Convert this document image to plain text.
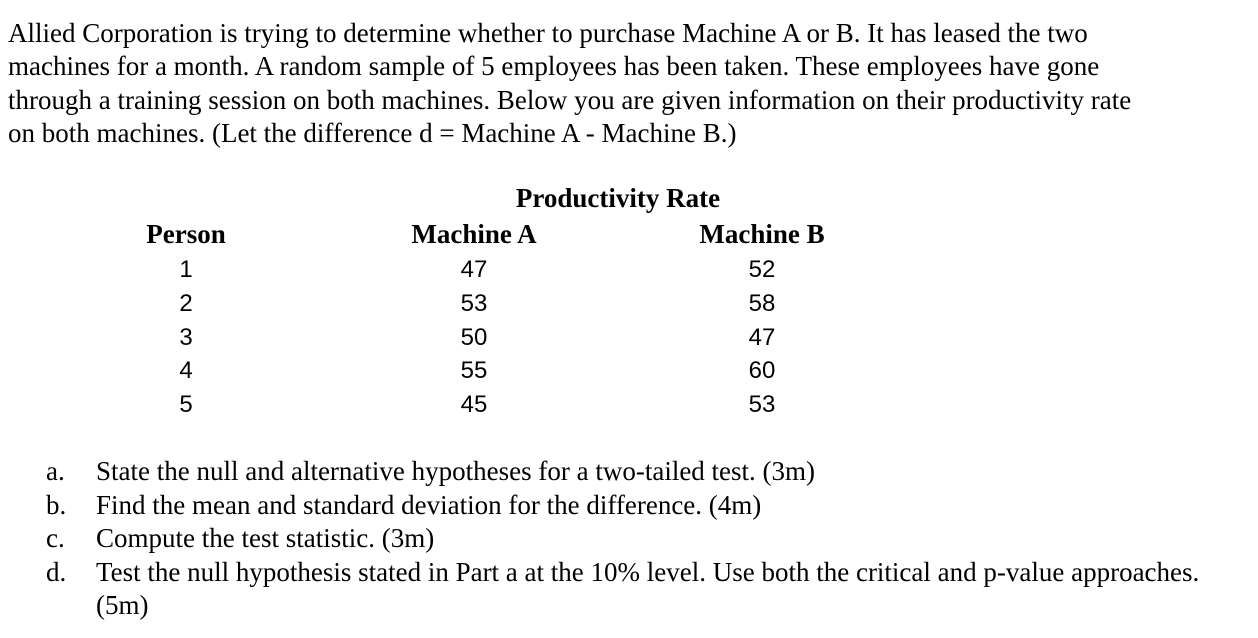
Allied Corporation is trying to determine whether to purchase Machine A or B. It has leased the two
machines for a month. A random sample of 5 employees has been taken. These employees have gone
through a training session on both machines. Below you are given information on their productivity rate
on both machines. (Let the difference d = Machine A - Machine B.)
Productivity Rate
Person	Machine A	Machine B
1	47	52
2	53	58
3	50	47
4	55	60
5	45	53
a. State the null and alternative hypotheses for a two-tailed test. (3m)
b. Find the mean and standard deviation for the difference. (4m)
c. Compute the test statistic. (3m)
d. Test the null hypothesis stated in Part a at the 10% level. Use both the critical and p-value approaches. (5m)
